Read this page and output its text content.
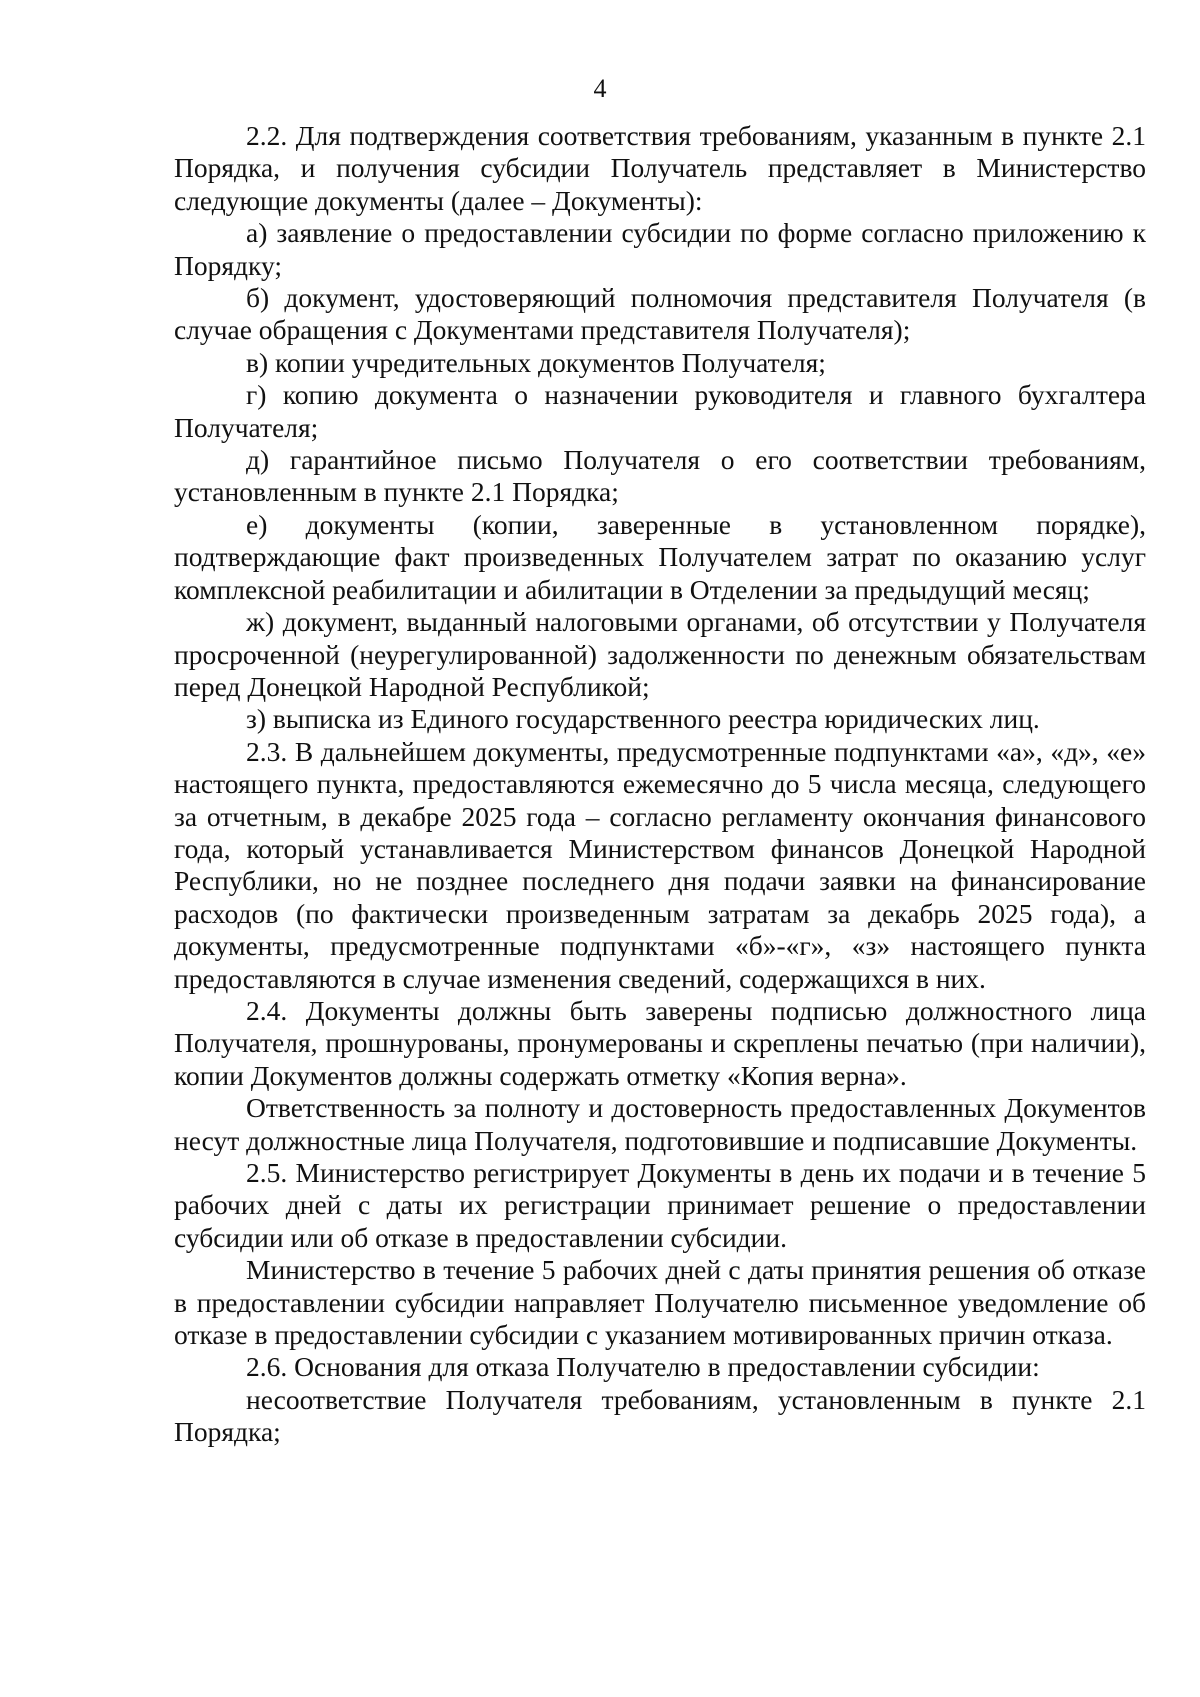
4

2.2. Для подтверждения соответствия требованиям, указанным в пункте 2.1 Порядка, и получения субсидии Получатель представляет в Министерство следующие документы (далее – Документы):

а) заявление о предоставлении субсидии по форме согласно приложению к Порядку;

б) документ, удостоверяющий полномочия представителя Получателя (в случае обращения с Документами представителя Получателя);

в) копии учредительных документов Получателя;

г) копию документа о назначении руководителя и главного бухгалтера Получателя;

д) гарантийное письмо Получателя о его соответствии требованиям, установленным в пункте 2.1 Порядка;

е) документы (копии, заверенные в установленном порядке), подтверждающие факт произведенных Получателем затрат по оказанию услуг комплексной реабилитации и абилитации в Отделении за предыдущий месяц;

ж) документ, выданный налоговыми органами, об отсутствии у Получателя просроченной (неурегулированной) задолженности по денежным обязательствам перед Донецкой Народной Республикой;

з) выписка из Единого государственного реестра юридических лиц.

2.3. В дальнейшем документы, предусмотренные подпунктами «а», «д», «е» настоящего пункта, предоставляются ежемесячно до 5 числа месяца, следующего за отчетным, в декабре 2025 года – согласно регламенту окончания финансового года, который устанавливается Министерством финансов Донецкой Народной Республики, но не позднее последнего дня подачи заявки на финансирование расходов (по фактически произведенным затратам за декабрь 2025 года), а документы, предусмотренные подпунктами «б»-«г», «з» настоящего пункта предоставляются в случае изменения сведений, содержащихся в них.

2.4. Документы должны быть заверены подписью должностного лица Получателя, прошнурованы, пронумерованы и скреплены печатью (при наличии), копии Документов должны содержать отметку «Копия верна».

Ответственность за полноту и достоверность предоставленных Документов несут должностные лица Получателя, подготовившие и подписавшие Документы.

2.5. Министерство регистрирует Документы в день их подачи и в течение 5 рабочих дней с даты их регистрации принимает решение о предоставлении субсидии или об отказе в предоставлении субсидии.

Министерство в течение 5 рабочих дней с даты принятия решения об отказе в предоставлении субсидии направляет Получателю письменное уведомление об отказе в предоставлении субсидии с указанием мотивированных причин отказа.

2.6. Основания для отказа Получателю в предоставлении субсидии:

несоответствие Получателя требованиям, установленным в пункте 2.1 Порядка;
